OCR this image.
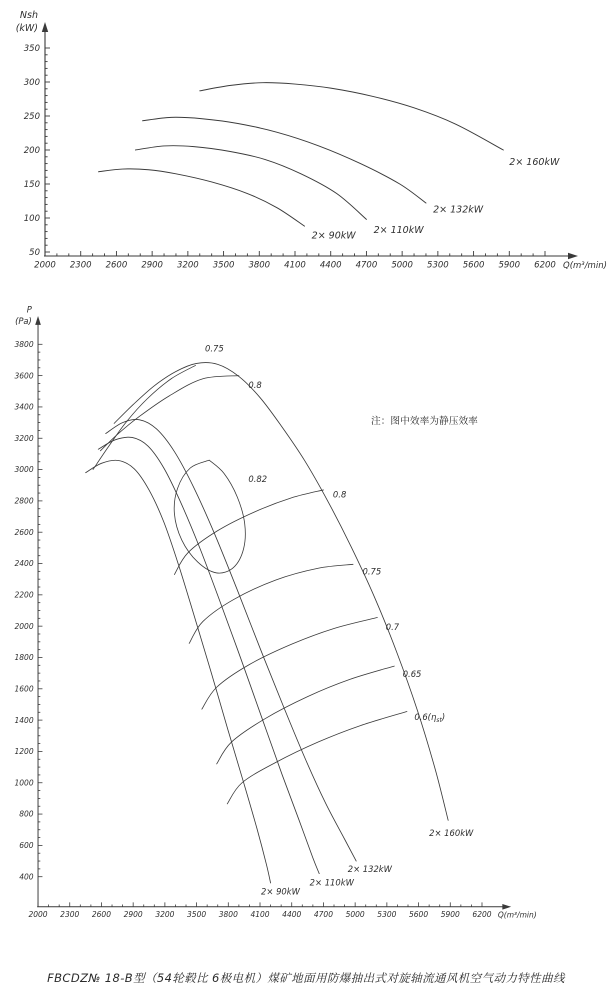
2000 2300 2600 2900 3200 3500 3800 4100 4400 4700 5000 5300 5600 5900 6200
50
100
150
200
250
300
350
Nsh
(kW)
Q(m³/min)
2× 90kW 2× 110kW
2× 132kW
2× 160kW
2000 2300 2600 2900 3200 3500 3800 4100 4400 4700 5000 5300 5600 5900 6200
400
600
800
1000
1200
1400
1600
1800
2000
2200
2400
2600
2800
3000
3200
3400
3600
3800
P
(Pa)
Q(m³/min)
2× 90kW
2× 110kW
2× 132kW
2× 160kW
0.75
0.8
0.82
0.8
0.75
0.7
0.65
$0.6(\eta_{st})$
注：图中效率为静压效率
FBCDZ№ 18-B型（54轮毂比 6极电机）煤矿地面用防爆抽出式对旋轴流通风机空气动力特性曲线
